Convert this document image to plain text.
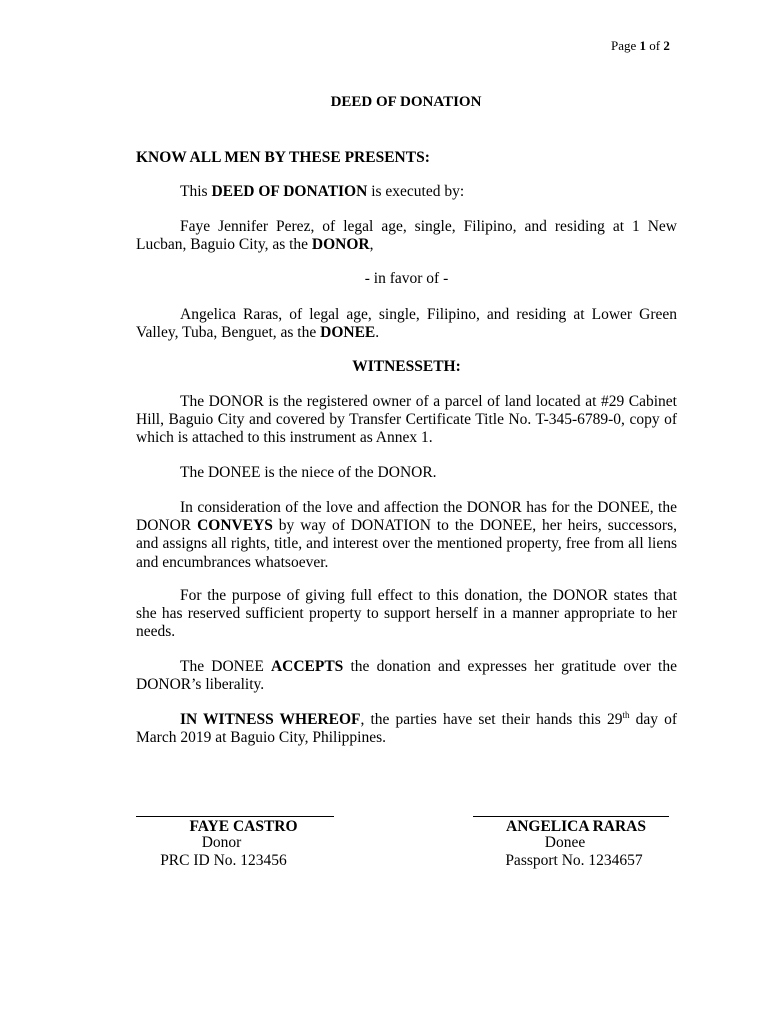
Page 1 of 2
DEED OF DONATION
KNOW ALL MEN BY THESE PRESENTS:
This DEED OF DONATION is executed by:
Faye Jennifer Perez, of legal age, single, Filipino, and residing at 1 New Lucban, Baguio City, as the DONOR,
- in favor of -
Angelica Raras, of legal age, single, Filipino, and residing at Lower Green Valley, Tuba, Benguet, as the DONEE.
WITNESSETH:
The DONOR is the registered owner of a parcel of land located at #29 Cabinet Hill, Baguio City and covered by Transfer Certificate Title No. T-345-6789-0, copy of which is attached to this instrument as Annex 1.
The DONEE is the niece of the DONOR.
In consideration of the love and affection the DONOR has for the DONEE, the DONOR CONVEYS by way of DONATION to the DONEE, her heirs, successors, and assigns all rights, title, and interest over the mentioned property, free from all liens and encumbrances whatsoever.
For the purpose of giving full effect to this donation, the DONOR states that she has reserved sufficient property to support herself in a manner appropriate to her needs.
The DONEE ACCEPTS the donation and expresses her gratitude over the DONOR’s liberality.
IN WITNESS WHEREOF, the parties have set their hands this 29th day of March 2019 at Baguio City, Philippines.
FAYE CASTRO
Donor
PRC ID No. 123456
ANGELICA RARAS
Donee
Passport No. 1234657
